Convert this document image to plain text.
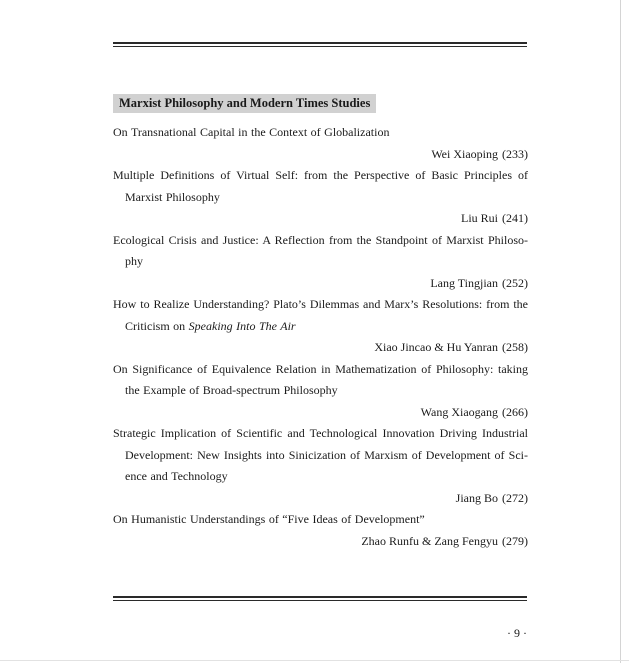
Marxist Philosophy and Modern Times Studies
On Transnational Capital in the Context of Globalization
Wei Xiaoping (233)
Multiple Definitions of Virtual Self: from the Perspective of Basic Principles of Marxist Philosophy
Liu Rui (241)
Ecological Crisis and Justice: A Reflection from the Standpoint of Marxist Philoso-phy
Lang Tingjian (252)
How to Realize Understanding? Plato’s Dilemmas and Marx’s Resolutions: from the Criticism on Speaking Into The Air
Xiao Jincao & Hu Yanran (258)
On Significance of Equivalence Relation in Mathematization of Philosophy: taking the Example of Broad-spectrum Philosophy
Wang Xiaogang (266)
Strategic Implication of Scientific and Technological Innovation Driving Industrial Development: New Insights into Sinicization of Marxism of Development of Sci-ence and Technology
Jiang Bo (272)
On Humanistic Understandings of “Five Ideas of Development”
Zhao Runfu & Zang Fengyu (279)
· 9 ·
